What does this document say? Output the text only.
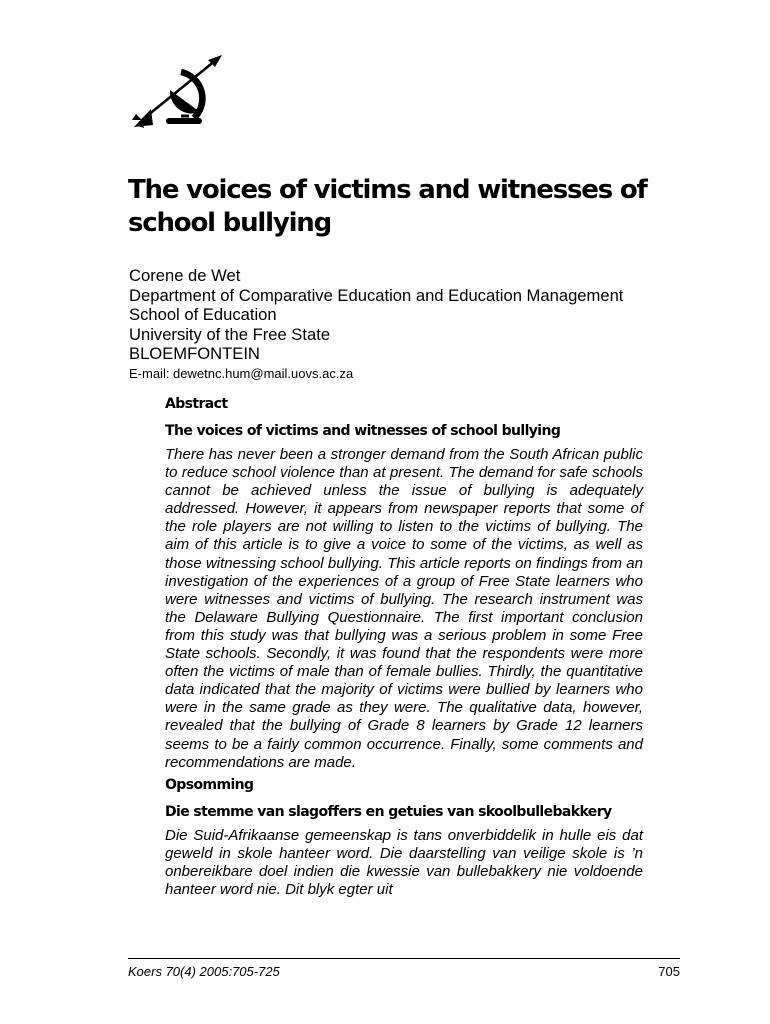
The voices of victims and witnesses of school bullying
Corene de Wet
Department of Comparative Education and Education Management
School of Education
University of the Free State
BLOEMFONTEIN
E-mail: dewetnc.hum@mail.uovs.ac.za
Abstract
The voices of victims and witnesses of school bullying

There has never been a stronger demand from the South African public to reduce school violence than at present. The demand for safe schools cannot be achieved unless the issue of bullying is adequately addressed. However, it appears from newspaper reports that some of the role players are not willing to listen to the victims of bullying. The aim of this article is to give a voice to some of the victims, as well as those witnessing school bullying. This article reports on findings from an investigation of the experiences of a group of Free State learners who were witnesses and victims of bullying. The research instrument was the Delaware Bullying Questionnaire. The first important conclusion from this study was that bullying was a serious problem in some Free State schools. Secondly, it was found that the respondents were more often the victims of male than of female bullies. Thirdly, the quantitative data indicated that the majority of victims were bullied by learners who were in the same grade as they were. The qualitative data, however, revealed that the bullying of Grade 8 learners by Grade 12 learners seems to be a fairly common occurrence. Finally, some comments and recommendations are made.

Opsomming
Die stemme van slagoffers en getuies van skoolbullebakkery

Die Suid-Afrikaanse gemeenskap is tans onverbiddelik in hulle eis dat geweld in skole hanteer word. Die daarstelling van veilige skole is ’n onbereikbare doel indien die kwessie van bullebakkery nie voldoende hanteer word nie. Dit blyk egter uit

Koers 70(4) 2005:705-725	705
